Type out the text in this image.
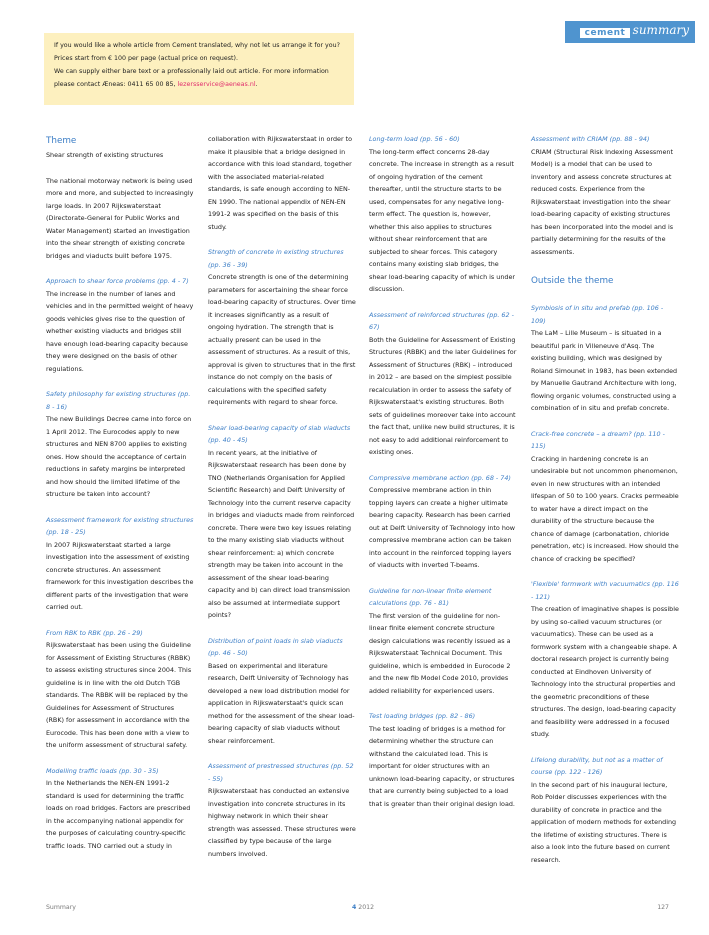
If you would like a whole article from Cement translated, why not let us arrange it for you?

Prices start from € 100 per page (actual price on request).

We can supply either bare text or a professionally laid out article. For more information

please contact Æneas: 0411 65 00 85, lezersservice@aeneas.nl.

cement summary

Theme

Shear strength of existing structures

The national motorway network is being used more and more, and subjected to increasingly large loads. In 2007 Rijkswaterstaat (Directorate-General for Public Works and Water Management) started an investigation into the shear strength of existing concrete bridges and viaducts built before 1975.

Approach to shear force problems (pp. 4 - 7)

The increase in the number of lanes and vehicles and in the permitted weight of heavy goods vehicles gives rise to the question of whether existing viaducts and bridges still have enough load-bearing capacity because they were designed on the basis of other regulations.

Safety philosophy for existing structures (pp. 8 - 16)

The new Buildings Decree came into force on 1 April 2012. The Eurocodes apply to new structures and NEN 8700 applies to existing ones. How should the acceptance of certain reductions in safety margins be interpreted and how should the limited lifetime of the structure be taken into account?

Assessment framework for existing structures (pp. 18 - 25)

In 2007 Rijkswaterstaat started a large investigation into the assessment of existing concrete structures. An assessment framework for this investigation describes the different parts of the investigation that were carried out.

From RBK to RBK (pp. 26 - 29)

Rijkswaterstaat has been using the Guideline for Assessment of Existing Structures (RBBK) to assess existing structures since 2004. This guideline is in line with the old Dutch TGB standards. The RBBK will be replaced by the Guidelines for Assessment of Structures (RBK) for assessment in accordance with the Eurocode. This has been done with a view to the uniform assessment of structural safety.

Modelling traffic loads (pp. 30 - 35)

In the Netherlands the NEN-EN 1991-2 standard is used for determining the traffic loads on road bridges. Factors are prescribed in the accompanying national appendix for the purposes of calculating country-specific traffic loads. TNO carried out a study in

collaboration with Rijkswaterstaat in order to make it plausible that a bridge designed in accordance with this load standard, together with the associated material-related standards, is safe enough according to NEN-EN 1990. The national appendix of NEN-EN 1991-2 was specified on the basis of this study.

Strength of concrete in existing structures (pp. 36 - 39)

Concrete strength is one of the determining parameters for ascertaining the shear force load-bearing capacity of structures. Over time it increases significantly as a result of ongoing hydration. The strength that is actually present can be used in the assessment of structures. As a result of this, approval is given to structures that in the first instance do not comply on the basis of calculations with the specified safety requirements with regard to shear force.

Shear load-bearing capacity of slab viaducts (pp. 40 - 45)

In recent years, at the initiative of Rijkswaterstaat research has been done by TNO (Netherlands Organisation for Applied Scientific Research) and Delft University of Technology into the current reserve capacity in bridges and viaducts made from reinforced concrete. There were two key issues relating to the many existing slab viaducts without shear reinforcement: a) which concrete strength may be taken into account in the assessment of the shear load-bearing capacity and b) can direct load transmission also be assumed at intermediate support points?

Distribution of point loads in slab viaducts (pp. 46 - 50)

Based on experimental and literature research, Delft University of Technology has developed a new load distribution model for application in Rijkswaterstaat's quick scan method for the assessment of the shear load-bearing capacity of slab viaducts without shear reinforcement.

Assessment of prestressed structures (pp. 52 - 55)

Rijkswaterstaat has conducted an extensive investigation into concrete structures in its highway network in which their shear strength was assessed. These structures were classified by type because of the large numbers involved.

Long-term load (pp. 56 - 60)

The long-term effect concerns 28-day concrete. The increase in strength as a result of ongoing hydration of the cement thereafter, until the structure starts to be used, compensates for any negative long-term effect. The question is, however, whether this also applies to structures without shear reinforcement that are subjected to shear forces. This category contains many existing slab bridges, the shear load-bearing capacity of which is under discussion.

Assessment of reinforced structures (pp. 62 - 67)

Both the Guideline for Assessment of Existing Structures (RBBK) and the later Guidelines for Assessment of Structures (RBK) – introduced in 2012 – are based on the simplest possible recalculation in order to assess the safety of Rijkswaterstaat's existing structures. Both sets of guidelines moreover take into account the fact that, unlike new build structures, it is not easy to add additional reinforcement to existing ones.

Compressive membrane action (pp. 68 - 74)

Compressive membrane action in thin topping layers can create a higher ultimate bearing capacity. Research has been carried out at Delft University of Technology into how compressive membrane action can be taken into account in the reinforced topping layers of viaducts with inverted T-beams.

Guideline for non-linear finite element calculations (pp. 76 - 81)

The first version of the guideline for non-linear finite element concrete structure design calculations was recently issued as a Rijkswaterstaat Technical Document. This guideline, which is embedded in Eurocode 2 and the new fib Model Code 2010, provides added reliability for experienced users.

Test loading bridges (pp. 82 - 86)

The test loading of bridges is a method for determining whether the structure can withstand the calculated load. This is important for older structures with an unknown load-bearing capacity, or structures that are currently being subjected to a load that is greater than their original design load.

Assessment with CRIAM (pp. 88 - 94)

CRIAM (Structural Risk Indexing Assessment Model) is a model that can be used to inventory and assess concrete structures at reduced costs. Experience from the Rijkswaterstaat investigation into the shear load-bearing capacity of existing structures has been incorporated into the model and is partially determining for the results of the assessments.

Outside the theme

Symbiosis of in situ and prefab (pp. 106 - 109)

The LaM – Lille Museum – is situated in a beautiful park in Villeneuve d'Asq. The existing building, which was designed by Roland Simounet in 1983, has been extended by Manuelle Gautrand Architecture with long, flowing organic volumes, constructed using a combination of in situ and prefab concrete.

Crack-free concrete – a dream? (pp. 110 - 115)

Cracking in hardening concrete is an undesirable but not uncommon phenomenon, even in new structures with an intended lifespan of 50 to 100 years. Cracks permeable to water have a direct impact on the durability of the structure because the chance of damage (carbonatation, chloride penetration, etc) is increased. How should the chance of cracking be specified?

'Flexible' formwork with vacuumatics (pp. 116 - 121)

The creation of imaginative shapes is possible by using so-called vacuum structures (or vacuumatics). These can be used as a formwork system with a changeable shape. A doctoral research project is currently being conducted at Eindhoven University of Technology into the structural properties and the geometric preconditions of these structures. The design, load-bearing capacity and feasibility were addressed in a focused study.

Lifelong durability, but not as a matter of course (pp. 122 - 126)

In the second part of his inaugural lecture, Rob Polder discusses experiences with the durability of concrete in practice and the application of modern methods for extending the lifetime of existing structures. There is also a look into the future based on current research.

Summary	4 2012	127
